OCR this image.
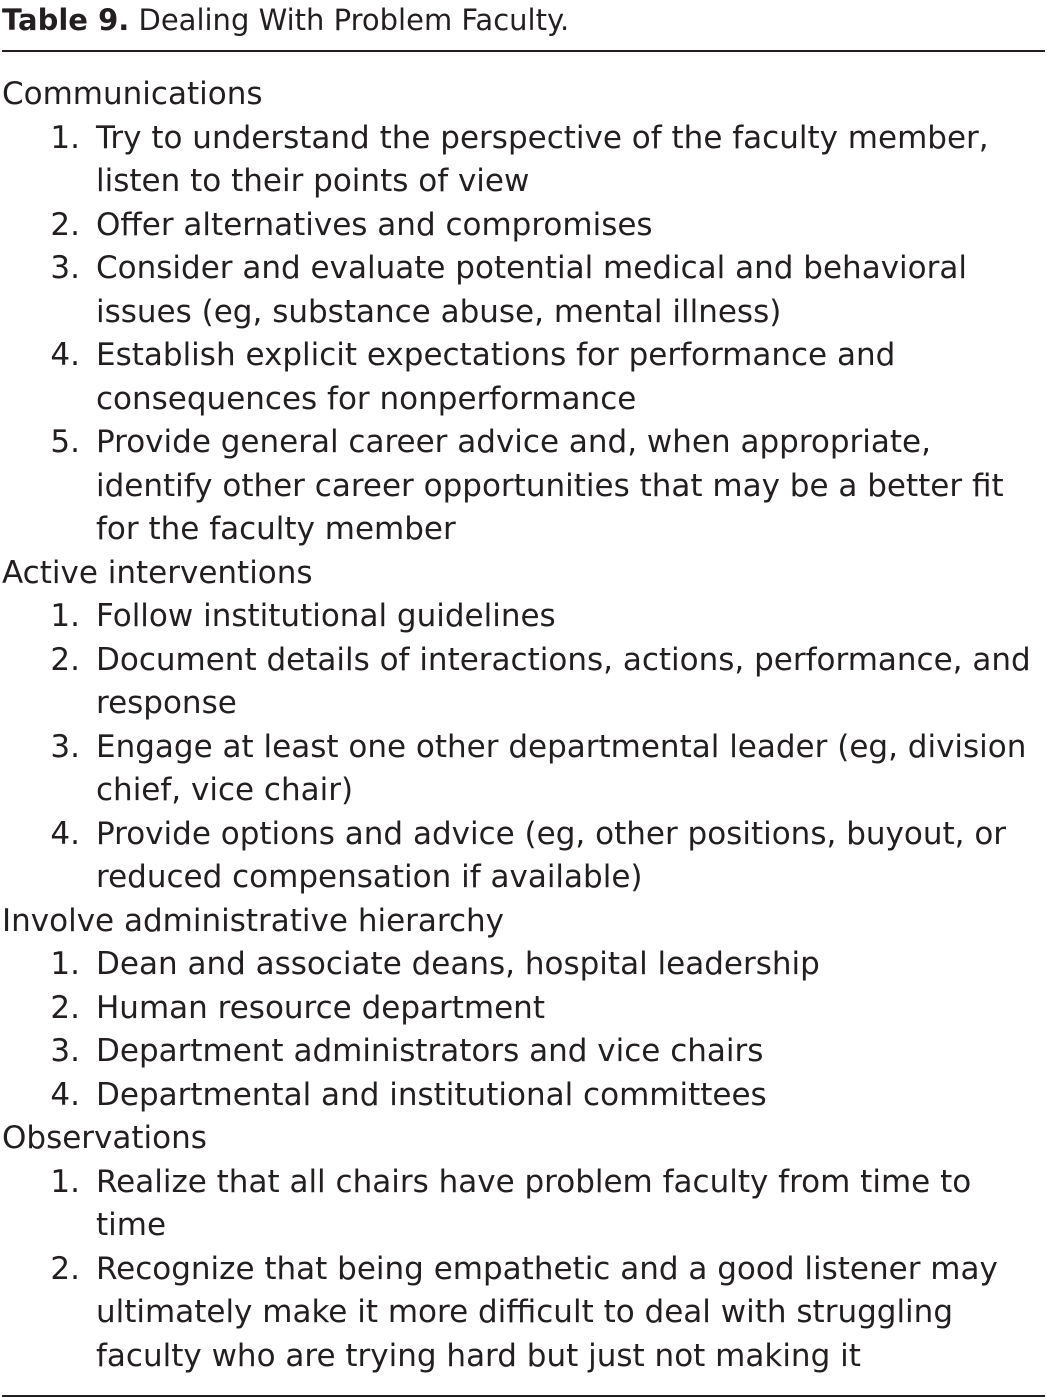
Table 9. Dealing With Problem Faculty.
Communications
1. Try to understand the perspective of the faculty member, listen to their points of view
2. Offer alternatives and compromises
3. Consider and evaluate potential medical and behavioral issues (eg, substance abuse, mental illness)
4. Establish explicit expectations for performance and consequences for nonperformance
5. Provide general career advice and, when appropriate, identify other career opportunities that may be a better fit for the faculty member
Active interventions
1. Follow institutional guidelines
2. Document details of interactions, actions, performance, and response
3. Engage at least one other departmental leader (eg, division chief, vice chair)
4. Provide options and advice (eg, other positions, buyout, or reduced compensation if available)
Involve administrative hierarchy
1. Dean and associate deans, hospital leadership
2. Human resource department
3. Department administrators and vice chairs
4. Departmental and institutional committees
Observations
1. Realize that all chairs have problem faculty from time to time
2. Recognize that being empathetic and a good listener may ultimately make it more difficult to deal with struggling faculty who are trying hard but just not making it
